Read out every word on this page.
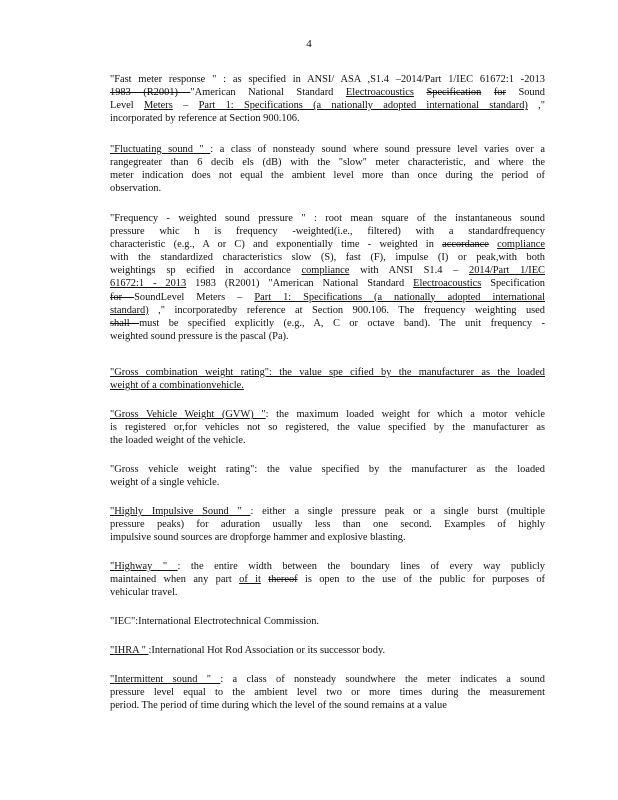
4
"Fast meter response " : as specified in ANSI/ ASA ,S1.4 –2014/Part 1/IEC 61672:1 -2013
1983 (R2001) "American National Standard Electroacoustics Specification for Sound
Level Meters – Part 1: Specifications (a nationally adopted international standard) ,"
incorporated by reference at Section 900.106.
"Fluctuating sound " : a class of nonsteady sound where sound pressure level varies over a
rangegreater than 6 decib els (dB) with the "slow" meter characteristic, and where the
meter indication does not equal the ambient level more than once during the period of
observation.
"Frequency - weighted sound pressure " : root mean square of the instantaneous sound
pressure whic h is frequency -weighted(i.e., filtered) with a standardfrequency
characteristic (e.g., A or C) and exponentially time - weighted in accordance compliance
with the standardized characteristics slow (S), fast (F), impulse (I) or peak,with both
weightings sp ecified in accordance compliance with ANSI S1.4 – 2014/Part 1/IEC
61672:1 - 2013 1983 (R2001) "American National Standard Electroacoustics Specification
for SoundLevel Meters – Part 1: Specifications (a nationally adopted international
standard) ," incorporatedby reference at Section 900.106. The frequency weighting used
shall must be specified explicitly (e.g., A, C or octave band). The unit frequency -
weighted sound pressure is the pascal (Pa).
"Gross combination weight rating": the value spe cified by the manufacturer as the loaded
weight of a combinationvehicle.
"Gross Vehicle Weight (GVW) ": the maximum loaded weight for which a motor vehicle
is registered or,for vehicles not so registered, the value specified by the manufacturer as
the loaded weight of the vehicle.
"Gross vehicle weight rating": the value specified by the manufacturer as the loaded
weight of a single vehicle.
"Highly Impulsive Sound " : either a single pressure peak or a single burst (multiple
pressure peaks) for aduration usually less than one second. Examples of highly
impulsive sound sources are dropforge hammer and explosive blasting.
"Highway " : the entire width between the boundary lines of every way publicly
maintained when any part of it thereof is open to the use of the public for purposes of
vehicular travel.
"IEC":International Electrotechnical Commission.
"IHRA " :International Hot Rod Association or its successor body.
"Intermittent sound " : a class of nonsteady soundwhere the meter indicates a sound
pressure level equal to the ambient level two or more times during the measurement
period. The period of time during which the level of the sound remains at a value
